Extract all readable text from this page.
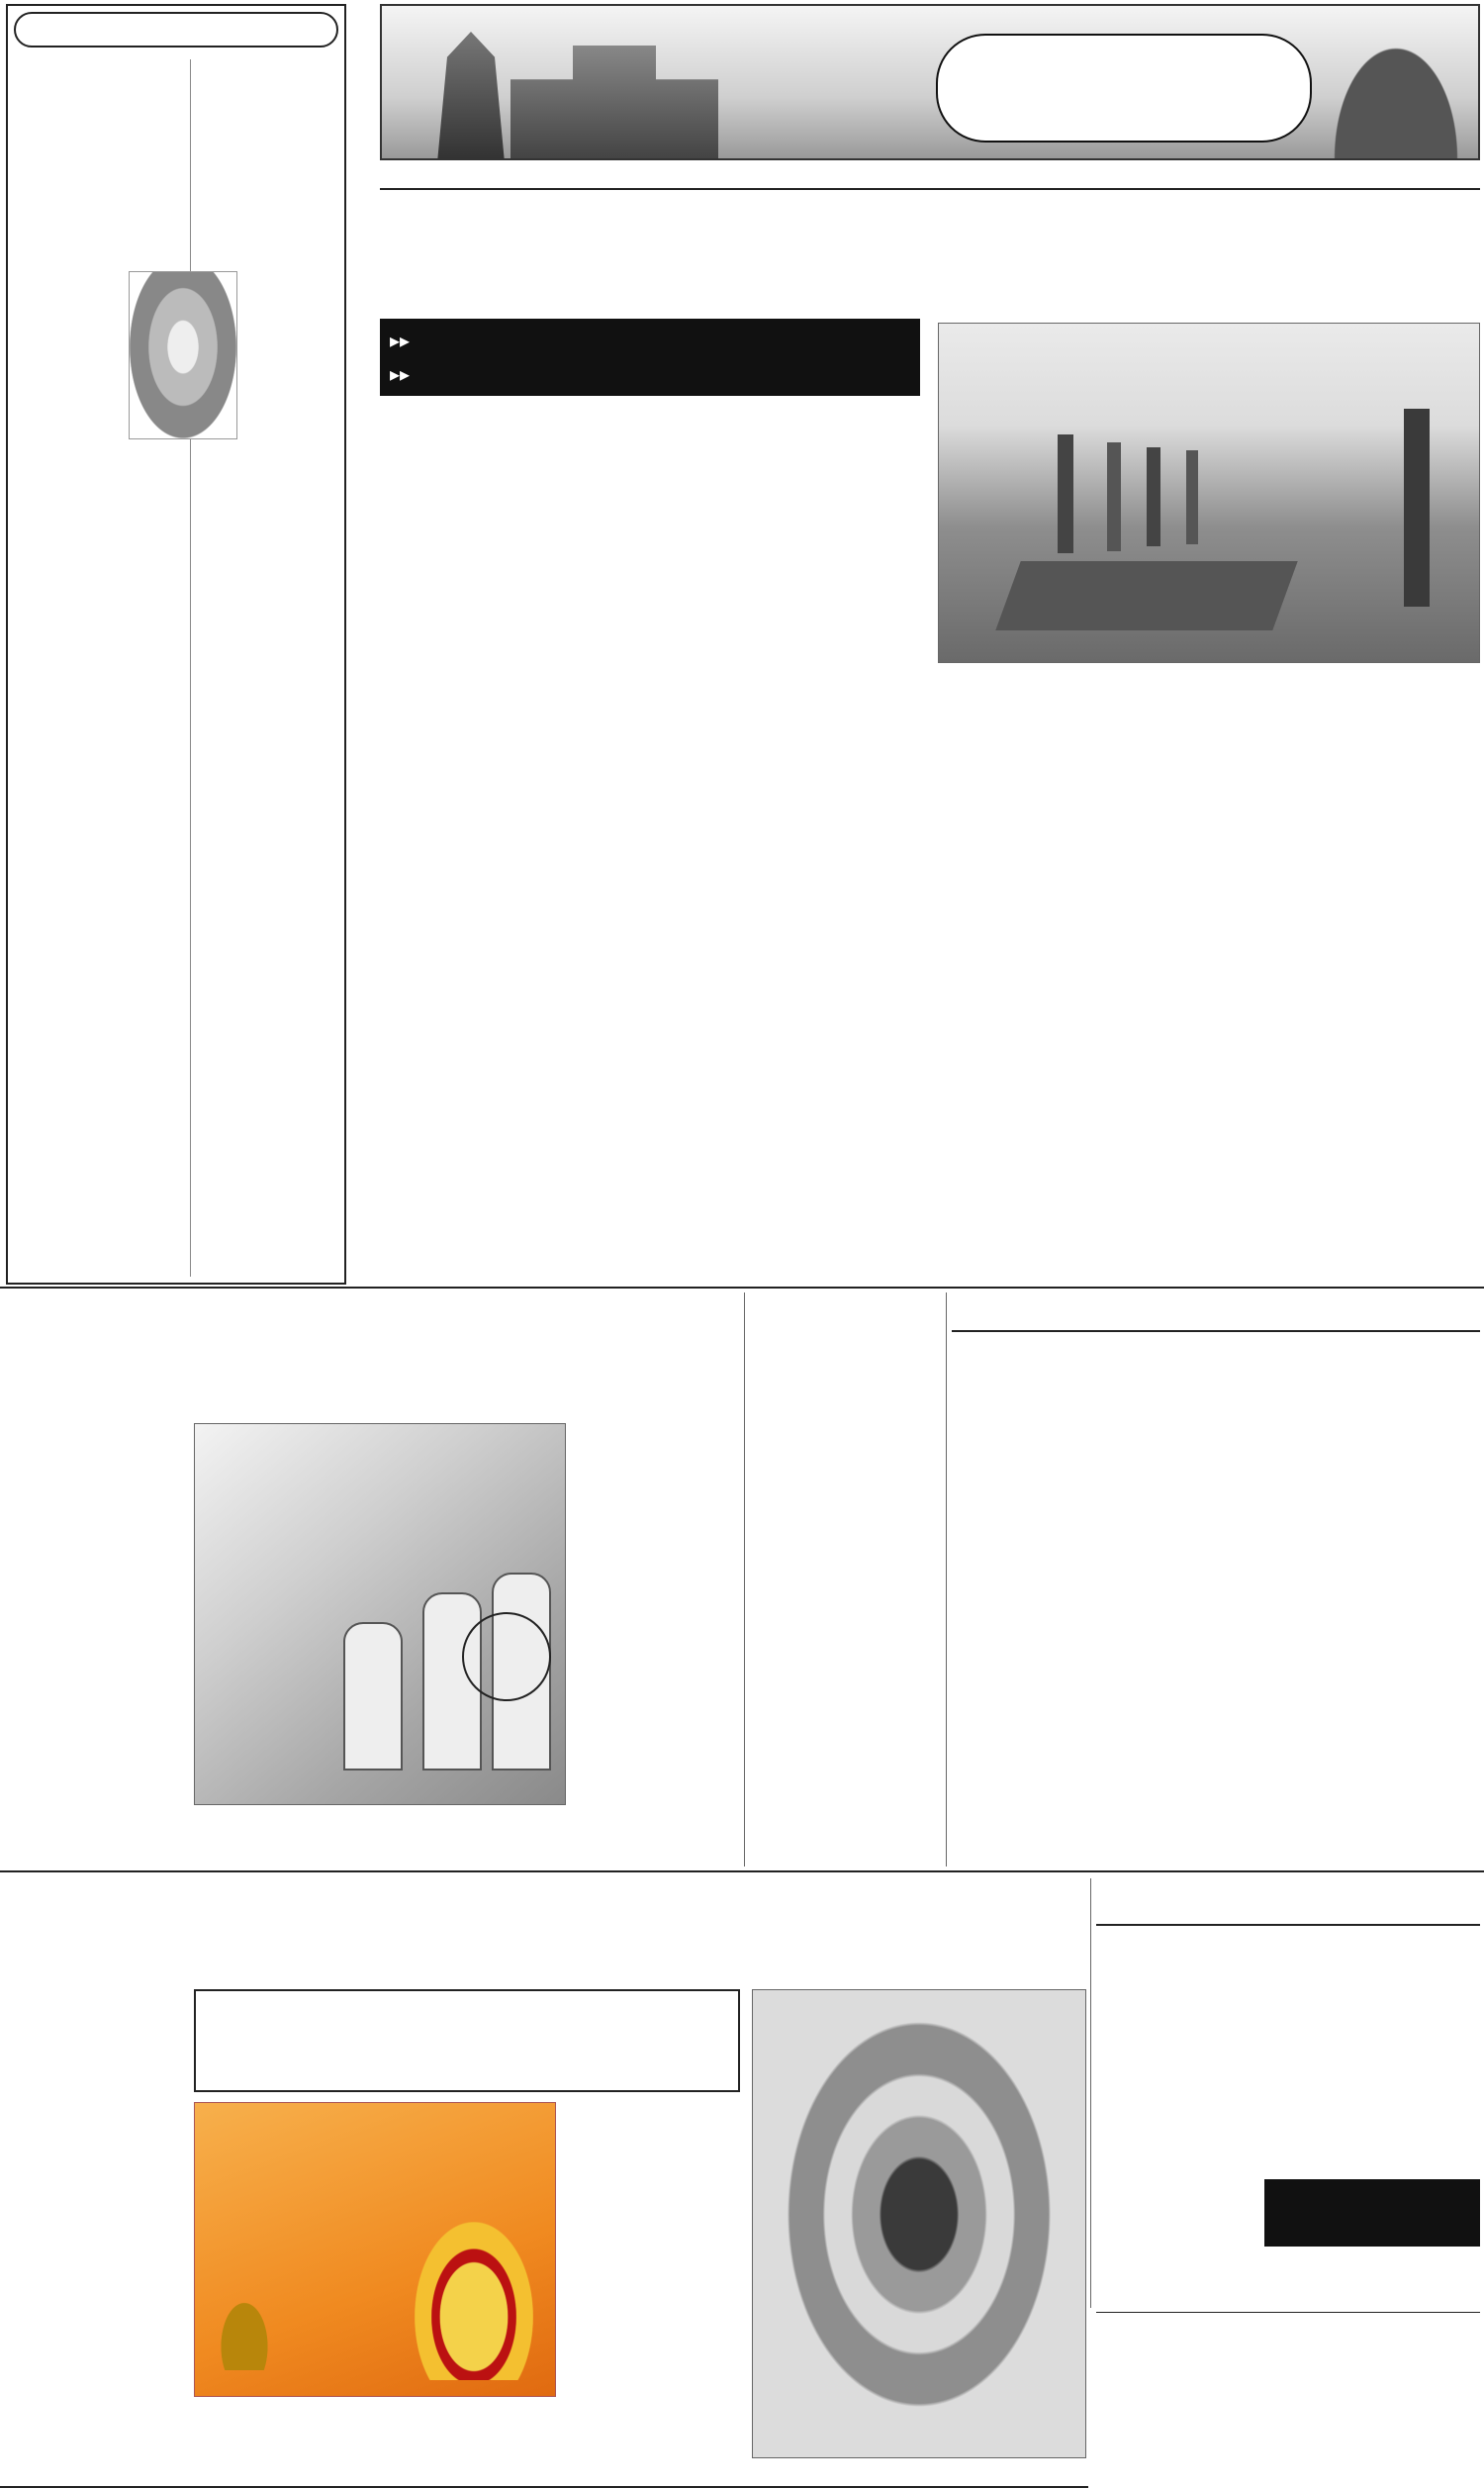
▸▸
▸▸
